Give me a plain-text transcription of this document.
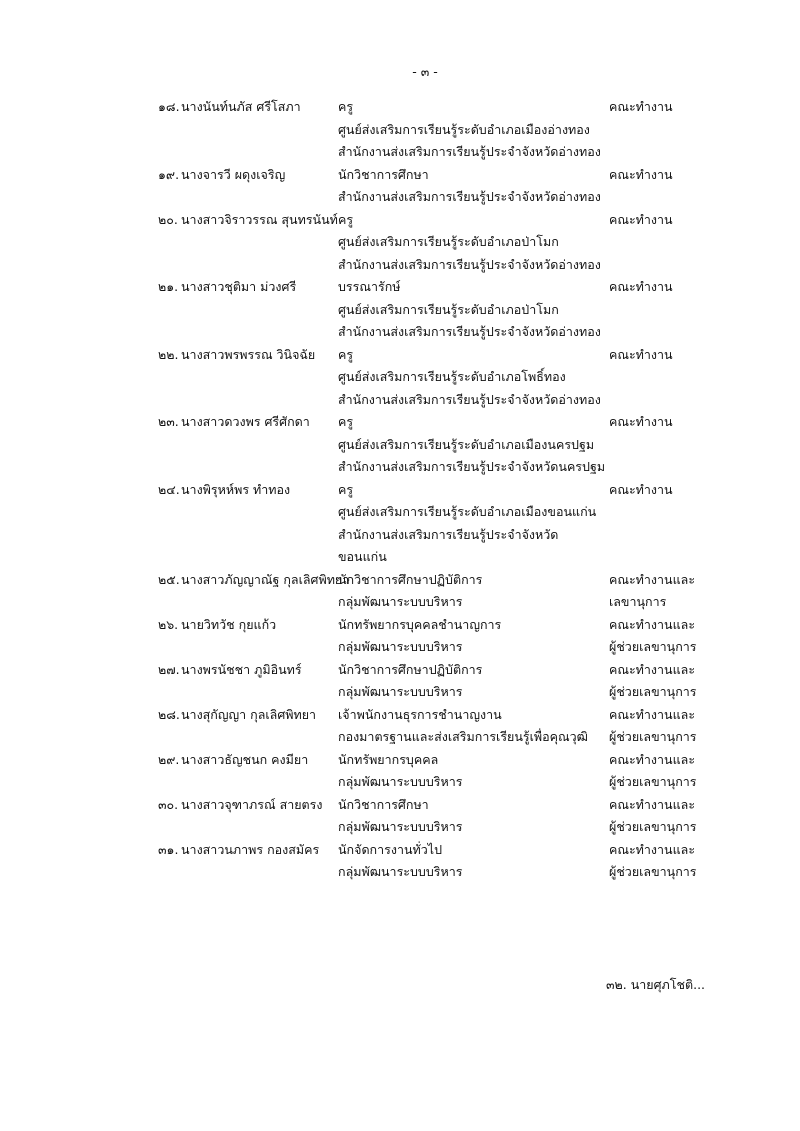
- ๓ -
๑๘. นางนันท์นภัส ศรีโสภา	ครู	คณะทำงาน
ศูนย์ส่งเสริมการเรียนรู้ระดับอำเภอเมืองอ่างทอง
สำนักงานส่งเสริมการเรียนรู้ประจำจังหวัดอ่างทอง
๑๙. นางจารวี ผดุงเจริญ	นักวิชาการศึกษา	คณะทำงาน
สำนักงานส่งเสริมการเรียนรู้ประจำจังหวัดอ่างทอง
๒๐. นางสาวจิราวรรณ สุนทรนันท์ ครู	คณะทำงาน
ศูนย์ส่งเสริมการเรียนรู้ระดับอำเภอป่าโมก
สำนักงานส่งเสริมการเรียนรู้ประจำจังหวัดอ่างทอง
๒๑. นางสาวชุติมา ม่วงศรี	บรรณารักษ์	คณะทำงาน
ศูนย์ส่งเสริมการเรียนรู้ระดับอำเภอป่าโมก
สำนักงานส่งเสริมการเรียนรู้ประจำจังหวัดอ่างทอง
๒๒. นางสาวพรพรรณ วินิจฉัย ครู	คณะทำงาน
ศูนย์ส่งเสริมการเรียนรู้ระดับอำเภอโพธิ์ทอง
สำนักงานส่งเสริมการเรียนรู้ประจำจังหวัดอ่างทอง
๒๓. นางสาวดวงพร ศรีศักดา ครู	คณะทำงาน
ศูนย์ส่งเสริมการเรียนรู้ระดับอำเภอเมืองนครปฐม
สำนักงานส่งเสริมการเรียนรู้ประจำจังหวัดนครปฐม
๒๔. นางพิรุหห์พร ทำทอง	ครู	คณะทำงาน
ศูนย์ส่งเสริมการเรียนรู้ระดับอำเภอเมืองขอนแก่น
สำนักงานส่งเสริมการเรียนรู้ประจำจังหวัด
ขอนแก่น
๒๕. นางสาวภัญญาณัฐ กุลเลิศพิทยา
นักวิชาการศึกษาปฏิบัติการ	คณะทำงานและ
กลุ่มพัฒนาระบบบริหาร	เลขานุการ
๒๖. นายวิทวัช กุยแก้ว	นักทรัพยากรบุคคลชำนาญการ	คณะทำงานและ
กลุ่มพัฒนาระบบบริหาร	ผู้ช่วยเลขานุการ
๒๗. นางพรนัชชา ภูมิอินทร์	นักวิชาการศึกษาปฏิบัติการ	คณะทำงานและ
กลุ่มพัฒนาระบบบริหาร	ผู้ช่วยเลขานุการ
๒๘. นางสุกัญญา กุลเลิศพิทยา เจ้าพนักงานธุรการชำนาญงาน	คณะทำงานและ
กองมาตรฐานและส่งเสริมการเรียนรู้เพื่อคุณวุฒิ ผู้ช่วยเลขานุการ
๒๙. นางสาวธัญชนก คงมียา นักทรัพยากรบุคคล	คณะทำงานและ
กลุ่มพัฒนาระบบบริหาร	ผู้ช่วยเลขานุการ
๓๐. นางสาวจุฑาภรณ์ สายตรง นักวิชาการศึกษา	คณะทำงานและ
กลุ่มพัฒนาระบบบริหาร	ผู้ช่วยเลขานุการ
๓๑. นางสาวนภาพร กองสมัคร นักจัดการงานทั่วไป	คณะทำงานและ
กลุ่มพัฒนาระบบบริหาร	ผู้ช่วยเลขานุการ
๓๒. นายศุภโชติ...
